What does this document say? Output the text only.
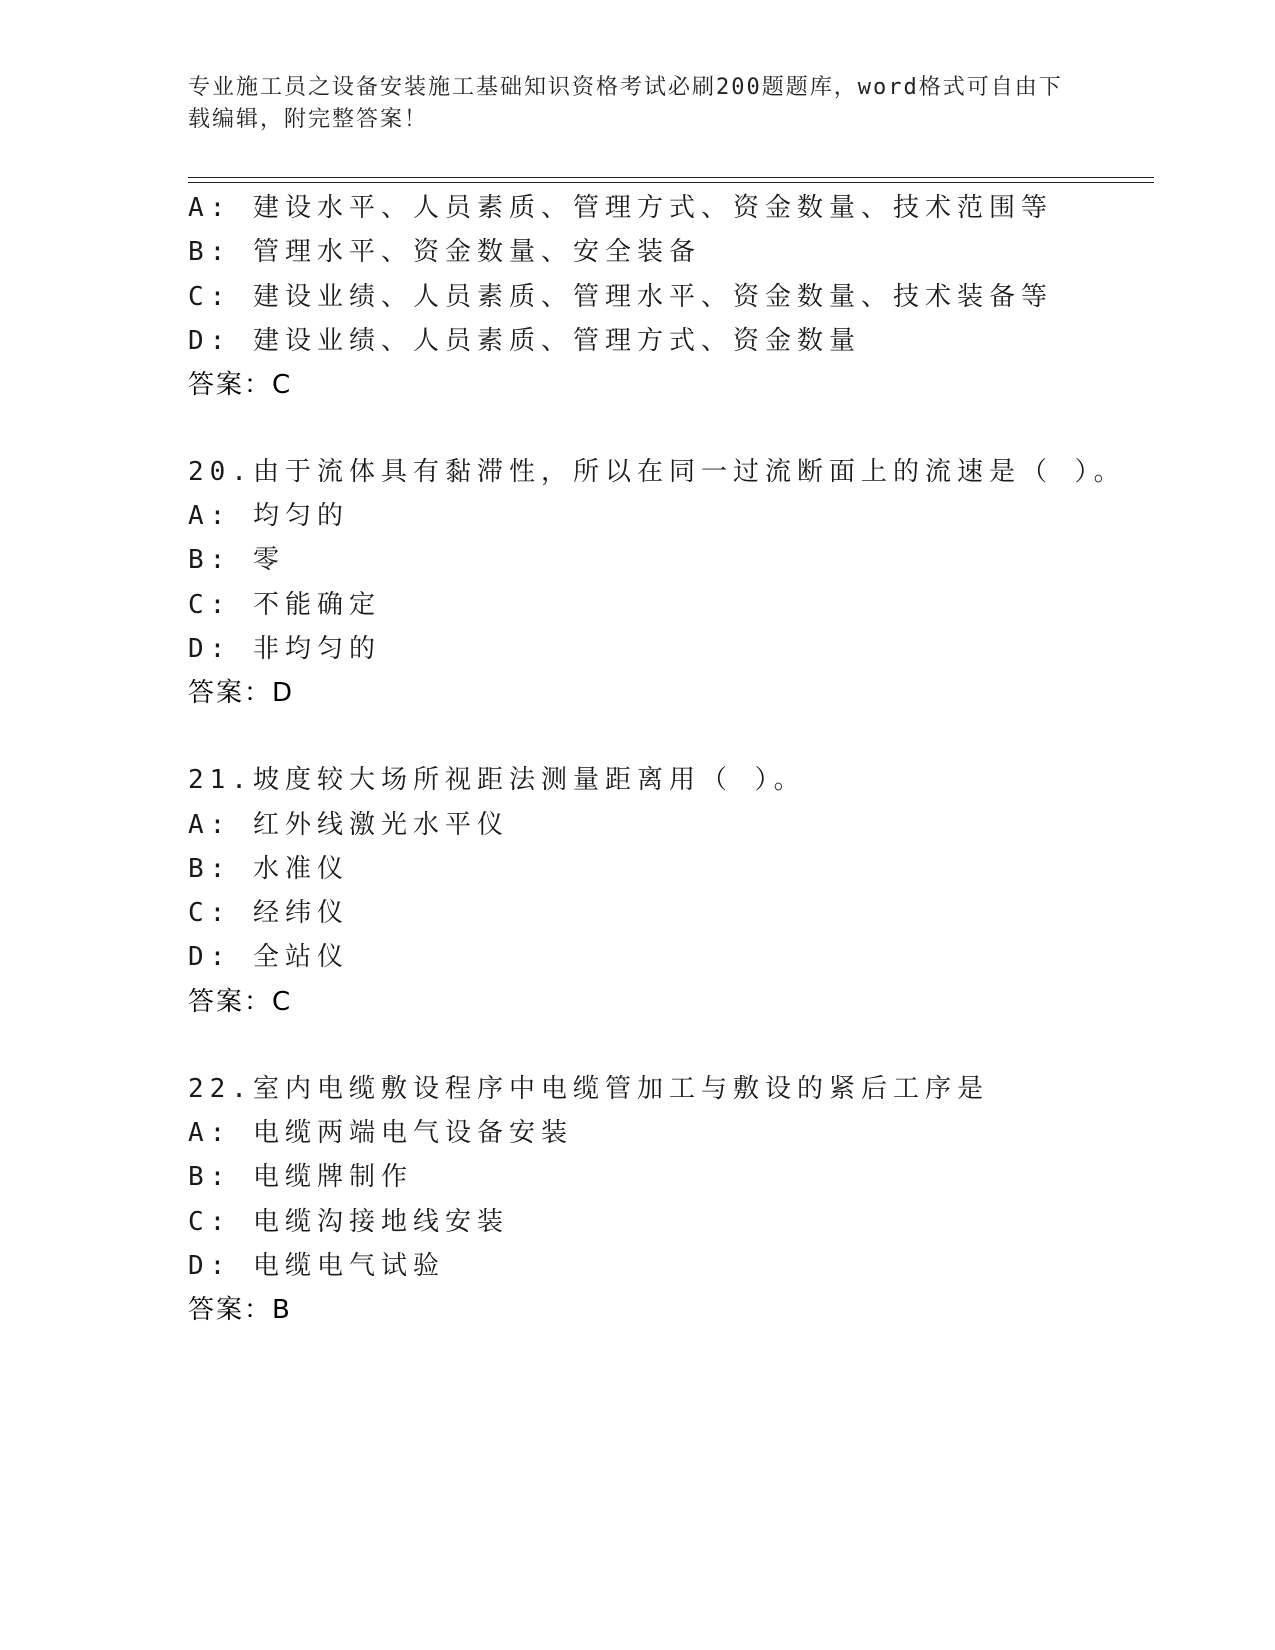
专业施工员之设备安装施工基础知识资格考试必刷200题题库，word格式可自由下载编辑，附完整答案！
A: 建设水平、人员素质、管理方式、资金数量、技术范围等
B: 管理水平、资金数量、安全装备
C: 建设业绩、人员素质、管理水平、资金数量、技术装备等
D: 建设业绩、人员素质、管理方式、资金数量
答案：C
20.由于流体具有黏滞性，所以在同一过流断面上的流速是（ ）。
A: 均匀的
B: 零
C: 不能确定
D: 非均匀的
答案：D
21.坡度较大场所视距法测量距离用（ ）。
A: 红外线激光水平仪
B: 水准仪
C: 经纬仪
D: 全站仪
答案：C
22.室内电缆敷设程序中电缆管加工与敷设的紧后工序是
A: 电缆两端电气设备安装
B: 电缆牌制作
C: 电缆沟接地线安装
D: 电缆电气试验
答案：B
